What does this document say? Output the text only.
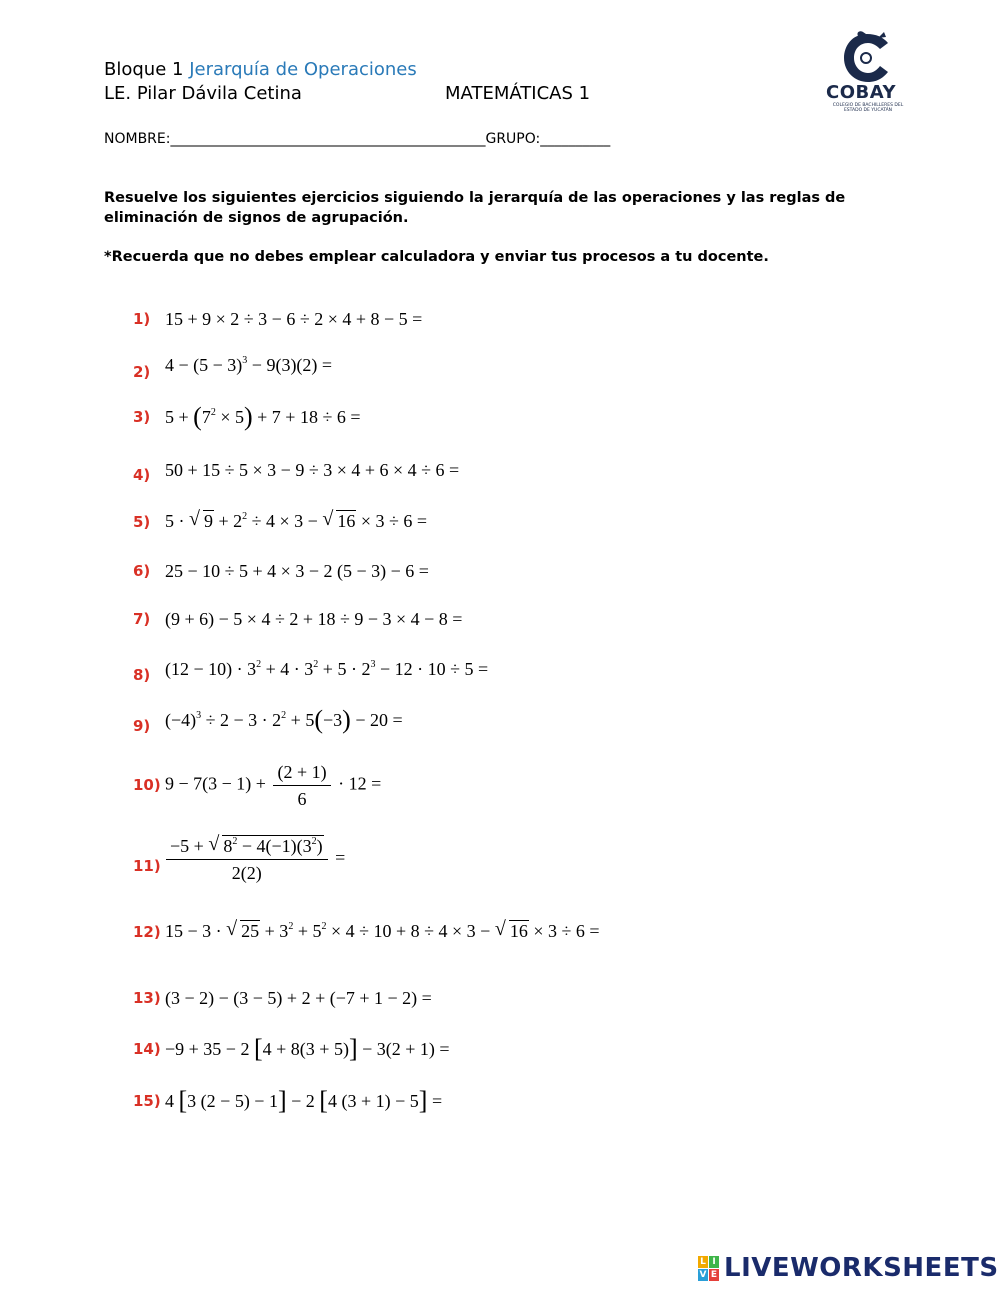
Bloque 1 Jerarquía de Operaciones
LE. Pilar Dávila Cetina	MATEMÁTICAS 1	COBAY
COLEGIO DE BACHILLERES DEL ESTADO DE YUCATÁN
NOMBRE:_____________________________________________GRUPO:__________
Resuelve los siguientes ejercicios siguiendo la jerarquía de las operaciones y las reglas de eliminación de signos de agrupación.
*Recuerda que no debes emplear calculadora y enviar tus procesos a tu docente.
1) 15 + 9 × 2 ÷ 3 − 6 ÷ 2 × 4 + 8 − 5 =
2) $4 - (5 - 3)^3 - 9(3)(2)$ =
3) $5 + (7^2 \times 5) + 7 + 18 \div 6$ =
4) 50 + 15 ÷ 5 × 3 − 9 ÷ 3 × 4 + 6 × 4 ÷ 6 =
5) 5 · √ $9 + 2^2 \div 4 \times 3$ − √ 16 × 3 ÷ 6 =
6) 25 − 10 ÷ 5 + 4 × 3 − 2 (5 − 3) − 6 =
7) (9 + 6) − 5 × 4 ÷ 2 + 18 ÷ 9 − 3 × 4 − 8 =
8) $(12 - 10) \cdot 3^2 + 4 \cdot 3^2 + 5 \cdot 2^3 - 12 \cdot 10 \div 5$ =
9) $(-4)^3 \div 2 - 3 \cdot 2^2 + 5(-3) - 20$ =
10) $9 - 7(3 - 1) + \frac{(2 + 1)}{6} \cdot 12$ =
$11) \frac{-5 + √ 8^2 - 4(-1)(3^2)}{2(2)}$ =
12) 15 − 3 · √ $25 + 3^2 + 5^2 \times 4 \div 10 + 8 \div 4 \times 3$ − √ 16 × 3 ÷ 6 =
13) (3 − 2) − (3 − 5) + 2 + (−7 + 1 − 2) =
14) −9 + 35 − 2 [4 + 8(3 + 5)] − 3(2 + 1) =
15) 4 [3 (2 − 5) − 1] − 2 [4 (3 + 1) − 5] =
L I
V E LIVEWORKSHEETS
